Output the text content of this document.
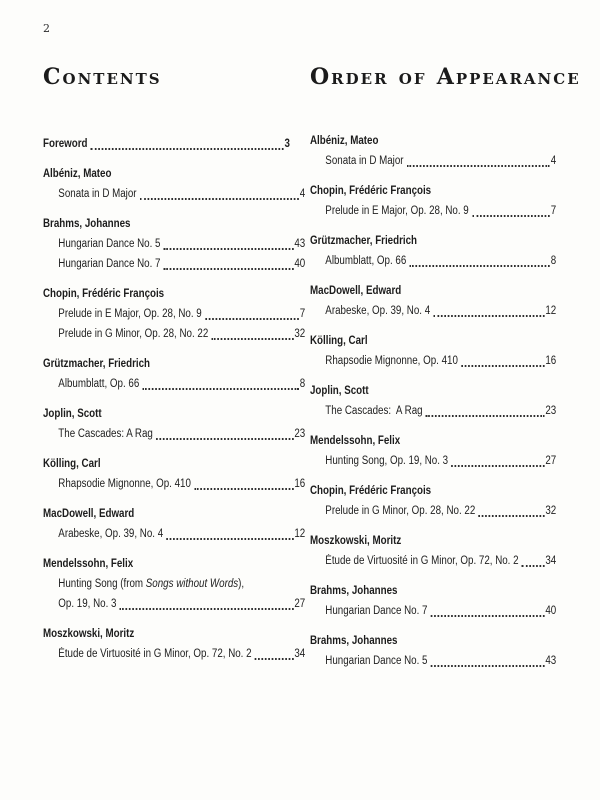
2
CONTENTS
Foreword	3
Albéniz, Mateo
Sonata in D Major	4
Brahms, Johannes
Hungarian Dance No. 5	43
Hungarian Dance No. 7	40
Chopin, Frédéric François
Prelude in E Major, Op. 28, No. 9	7
Prelude in G Minor, Op. 28, No. 22	32
Grützmacher, Friedrich
Albumblatt, Op. 66	8
Joplin, Scott
The Cascades: A Rag	23
Kölling, Carl
Rhapsodie Mignonne, Op. 410	16
MacDowell, Edward
Arabeske, Op. 39, No. 4	12
Mendelssohn, Felix
Hunting Song (from Songs without Words),
Op. 19, No. 3	27
Moszkowski, Moritz
Étude de Virtuosité in G Minor, Op. 72, No. 2	34
ORDER OF APPEARANCE
Albéniz, Mateo
Sonata in D Major	4
Chopin, Frédéric François
Prelude in E Major, Op. 28, No. 9	7
Grützmacher, Friedrich
Albumblatt, Op. 66	8
MacDowell, Edward
Arabeske, Op. 39, No. 4	12
Kölling, Carl
Rhapsodie Mignonne, Op. 410	16
Joplin, Scott
The Cascades:  A Rag	23
Mendelssohn, Felix
Hunting Song, Op. 19, No. 3	27
Chopin, Frédéric François
Prelude in G Minor, Op. 28, No. 22	32
Moszkowski, Moritz
Étude de Virtuosité in G Minor, Op. 72, No. 2 34
Brahms, Johannes
Hungarian Dance No. 7	40
Brahms, Johannes
Hungarian Dance No. 5	43
